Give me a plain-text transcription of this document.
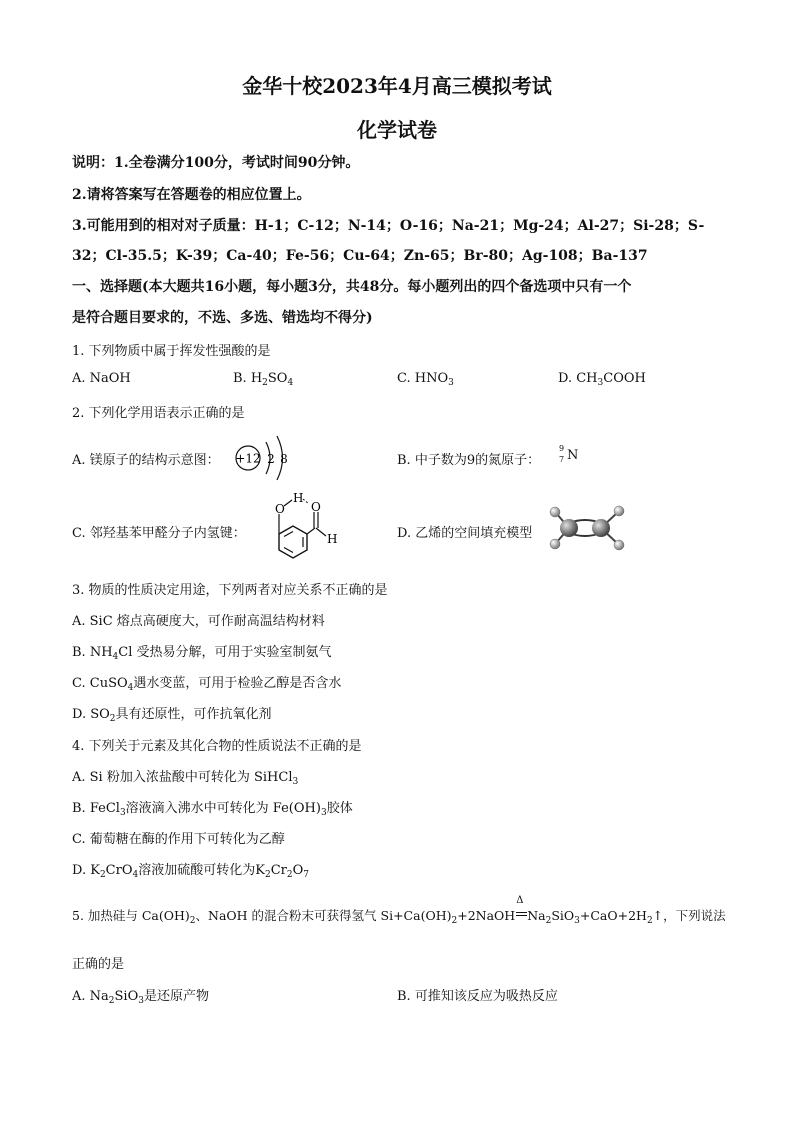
金华十校2023年4月高三模拟考试
化学试卷
说明：1.全卷满分100分，考试时间90分钟。
2.请将答案写在答题卷的相应位置上。
3.可能用到的相对对子质量：H-1；C-12；N-14；O-16；Na-21；Mg-24；Al-27；Si-28；S-
32；Cl-35.5；K-39；Ca-40；Fe-56；Cu-64；Zn-65；Br-80；Ag-108；Ba-137
一、选择题(本大题共16小题，每小题3分，共48分。每小题列出的四个备选项中只有一个
是符合题目要求的，不选、多选、错选均不得分)
1. 下列物质中属于挥发性强酸的是
A. NaOH	B. $H_2SO_4$	C. $HNO_3$	D. $CH_3COOH$
2. 下列化学用语表示正确的是
A. 镁原子的结构示意图： +12 2 8	B. 中子数为9的氮原子：
9
7 N
C. 邻羟基苯甲醛分子内氢键：
O
H
O
H	D. 乙烯的空间填充模型
3. 物质的性质决定用途，下列两者对应关系不正确的是
A. SiC 熔点高硬度大，可作耐高温结构材料
B. $NH_4Cl$ 受热易分解，可用于实验室制氨气
C. CuSO$_4$遇水变蓝，可用于检验乙醇是否含水
D. $SO_2$具有还原性，可作抗氧化剂
4. 下列关于元素及其化合物的性质说法不正确的是
A. Si 粉加入浓盐酸中可转化为 SiHCl$_3$
B. FeCl$_3$溶液滴入沸水中可转化为 $Fe(OH)_3$胶体
C. 葡萄糖在酶的作用下可转化为乙醇
D. $K_2CrO_4$溶液加硫酸可转化为$K_2Cr_2O_7$
5. 加热硅与 $Ca(OH)_2$、NaOH 的混合粉末可获得氢气 $Si+Ca(OH)_2+2NaOH$
Δ
$Na_2SiO_3+CaO+2H_2↑$，下列说法
正确的是
A. $Na_2SiO_3$是还原产物	B. 可推知该反应为吸热反应
